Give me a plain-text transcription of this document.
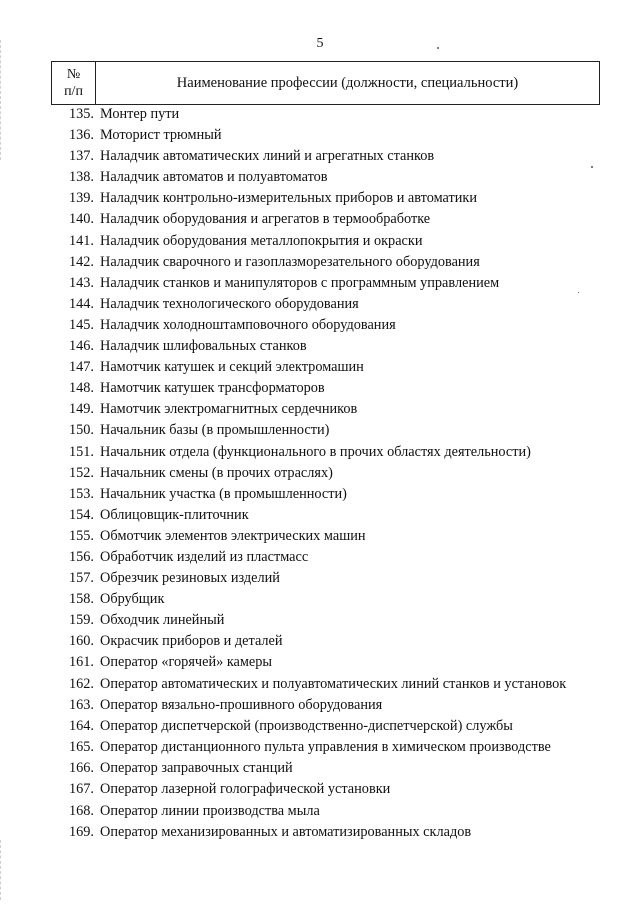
5
№
п/п
Наименование профессии (должности, специальности)
135. Монтер пути
136. Моторист трюмный
137. Наладчик автоматических линий и агрегатных станков
138. Наладчик автоматов и полуавтоматов
139. Наладчик контрольно-измерительных приборов и автоматики
140. Наладчик оборудования и агрегатов в термообработке
141. Наладчик оборудования металлопокрытия и окраски
142. Наладчик сварочного и газоплазморезательного оборудования
143. Наладчик станков и манипуляторов с программным управлением
144. Наладчик технологического оборудования
145. Наладчик холодноштамповочного оборудования
146. Наладчик шлифовальных станков
147. Намотчик катушек и секций электромашин
148. Намотчик катушек трансформаторов
149. Намотчик электромагнитных сердечников
150. Начальник базы (в промышленности)
151. Начальник отдела (функционального в прочих областях деятельности)
152. Начальник смены (в прочих отраслях)
153. Начальник участка (в промышленности)
154. Облицовщик-плиточник
155. Обмотчик элементов электрических машин
156. Обработчик изделий из пластмасс
157. Обрезчик резиновых изделий
158. Обрубщик
159. Обходчик линейный
160. Окрасчик приборов и деталей
161. Оператор «горячей» камеры
162. Оператор автоматических и полуавтоматических линий станков и установок
163. Оператор вязально-прошивного оборудования
164. Оператор диспетчерской (производственно-диспетчерской) службы
165. Оператор дистанционного пульта управления в химическом производстве
166. Оператор заправочных станций
167. Оператор лазерной голографической установки
168. Оператор линии производства мыла
169. Оператор механизированных и автоматизированных складов
